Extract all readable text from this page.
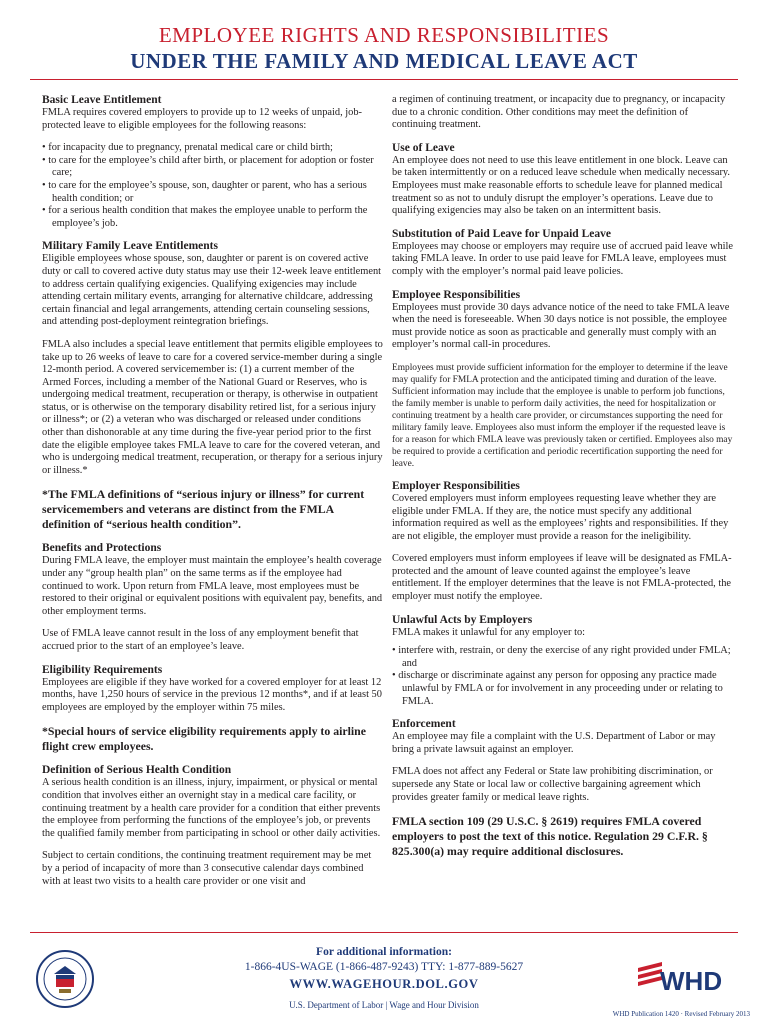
EMPLOYEE RIGHTS AND RESPONSIBILITIES
UNDER THE FAMILY AND MEDICAL LEAVE ACT
Basic Leave Entitlement

FMLA requires covered employers to provide up to 12 weeks of unpaid, job-protected leave to eligible employees for the following reasons:

• for incapacity due to pregnancy, prenatal medical care or child birth;
• to care for the employee’s child after birth, or placement for adoption or foster care;
• to care for the employee’s spouse, son, daughter or parent, who has a serious health condition; or
• for a serious health condition that makes the employee unable to perform the employee’s job.
Military Family Leave Entitlements

Eligible employees whose spouse, son, daughter or parent is on covered active duty or call to covered active duty status may use their 12-week leave entitlement to address certain qualifying exigencies. Qualifying exigencies may include attending certain military events, arranging for alternative childcare, addressing certain financial and legal arrangements, attending certain counseling sessions, and attending post-deployment reintegration briefings.

FMLA also includes a special leave entitlement that permits eligible employees to take up to 26 weeks of leave to care for a covered service-member during a single 12-month period. A covered servicemember is: (1) a current member of the Armed Forces, including a member of the National Guard or Reserves, who is undergoing medical treatment, recuperation or therapy, is otherwise in outpatient status, or is otherwise on the temporary disability retired list, for a serious injury or illness*; or (2) a veteran who was discharged or released under conditions other than dishonorable at any time during the five-year period prior to the first date the eligible employee takes FMLA leave to care for the covered veteran, and who is undergoing medical treatment, recuperation, or therapy for a serious injury or illness.*

*The FMLA definitions of “serious injury or illness” for current servicemembers and veterans are distinct from the FMLA definition of “serious health condition”.

Benefits and Protections

During FMLA leave, the employer must maintain the employee’s health coverage under any “group health plan” on the same terms as if the employee had continued to work. Upon return from FMLA leave, most employees must be restored to their original or equivalent positions with equivalent pay, benefits, and other employment terms.

Use of FMLA leave cannot result in the loss of any employment benefit that accrued prior to the start of an employee’s leave.

Eligibility Requirements

Employees are eligible if they have worked for a covered employer for at least 12 months, have 1,250 hours of service in the previous 12 months*, and if at least 50 employees are employed by the employer within 75 miles.

*Special hours of service eligibility requirements apply to airline flight crew employees.

Definition of Serious Health Condition

A serious health condition is an illness, injury, impairment, or physical or mental condition that involves either an overnight stay in a medical care facility, or continuing treatment by a health care provider for a condition that either prevents the employee from performing the functions of the employee’s job, or prevents the qualified family member from participating in school or other daily activities.

Subject to certain conditions, the continuing treatment requirement may be met by a period of incapacity of more than 3 consecutive calendar days combined with at least two visits to a health care provider or one visit and

a regimen of continuing treatment, or incapacity due to pregnancy, or incapacity due to a chronic condition. Other conditions may meet the definition of continuing treatment.

Use of Leave

An employee does not need to use this leave entitlement in one block. Leave can be taken intermittently or on a reduced leave schedule when medically necessary. Employees must make reasonable efforts to schedule leave for planned medical treatment so as not to unduly disrupt the employer’s operations. Leave due to qualifying exigencies may also be taken on an intermittent basis.

Substitution of Paid Leave for Unpaid Leave

Employees may choose or employers may require use of accrued paid leave while taking FMLA leave. In order to use paid leave for FMLA leave, employees must comply with the employer’s normal paid leave policies.

Employee Responsibilities

Employees must provide 30 days advance notice of the need to take FMLA leave when the need is foreseeable. When 30 days notice is not possible, the employee must provide notice as soon as practicable and generally must comply with an employer’s normal call-in procedures.

Employees must provide sufficient information for the employer to determine if the leave may qualify for FMLA protection and the anticipated timing and duration of the leave. Sufficient information may include that the employee is unable to perform job functions, the family member is unable to perform daily activities, the need for hospitalization or continuing treatment by a health care provider, or circumstances supporting the need for military family leave. Employees also must inform the employer if the requested leave is for a reason for which FMLA leave was previously taken or certified. Employees also may be required to provide a certification and periodic recertification supporting the need for leave.

Employer Responsibilities

Covered employers must inform employees requesting leave whether they are eligible under FMLA. If they are, the notice must specify any additional information required as well as the employees’ rights and responsibilities. If they are not eligible, the employer must provide a reason for the ineligibility.

Covered employers must inform employees if leave will be designated as FMLA-protected and the amount of leave counted against the employee’s leave entitlement. If the employer determines that the leave is not FMLA-protected, the employer must notify the employee.

Unlawful Acts by Employers

FMLA makes it unlawful for any employer to:

• interfere with, restrain, or deny the exercise of any right provided under FMLA; and
• discharge or discriminate against any person for opposing any practice made unlawful by FMLA or for involvement in any proceeding under or relating to FMLA.
Enforcement

An employee may file a complaint with the U.S. Department of Labor or may bring a private lawsuit against an employer.

FMLA does not affect any Federal or State law prohibiting discrimination, or supersede any State or local law or collective bargaining agreement which provides greater family or medical leave rights.

FMLA section 109 (29 U.S.C. § 2619) requires FMLA covered employers to post the text of this notice. Regulation 29 C.F.R. § 825.300(a) may require additional disclosures.

For additional information:
1-866-4US-WAGE (1-866-487-9243) TTY: 1-877-889-5627
WWW.WAGEHOUR.DOL.GOV
U.S. Department of Labor | Wage and Hour Division
WHD
WHD Publication 1420 · Revised February 2013
